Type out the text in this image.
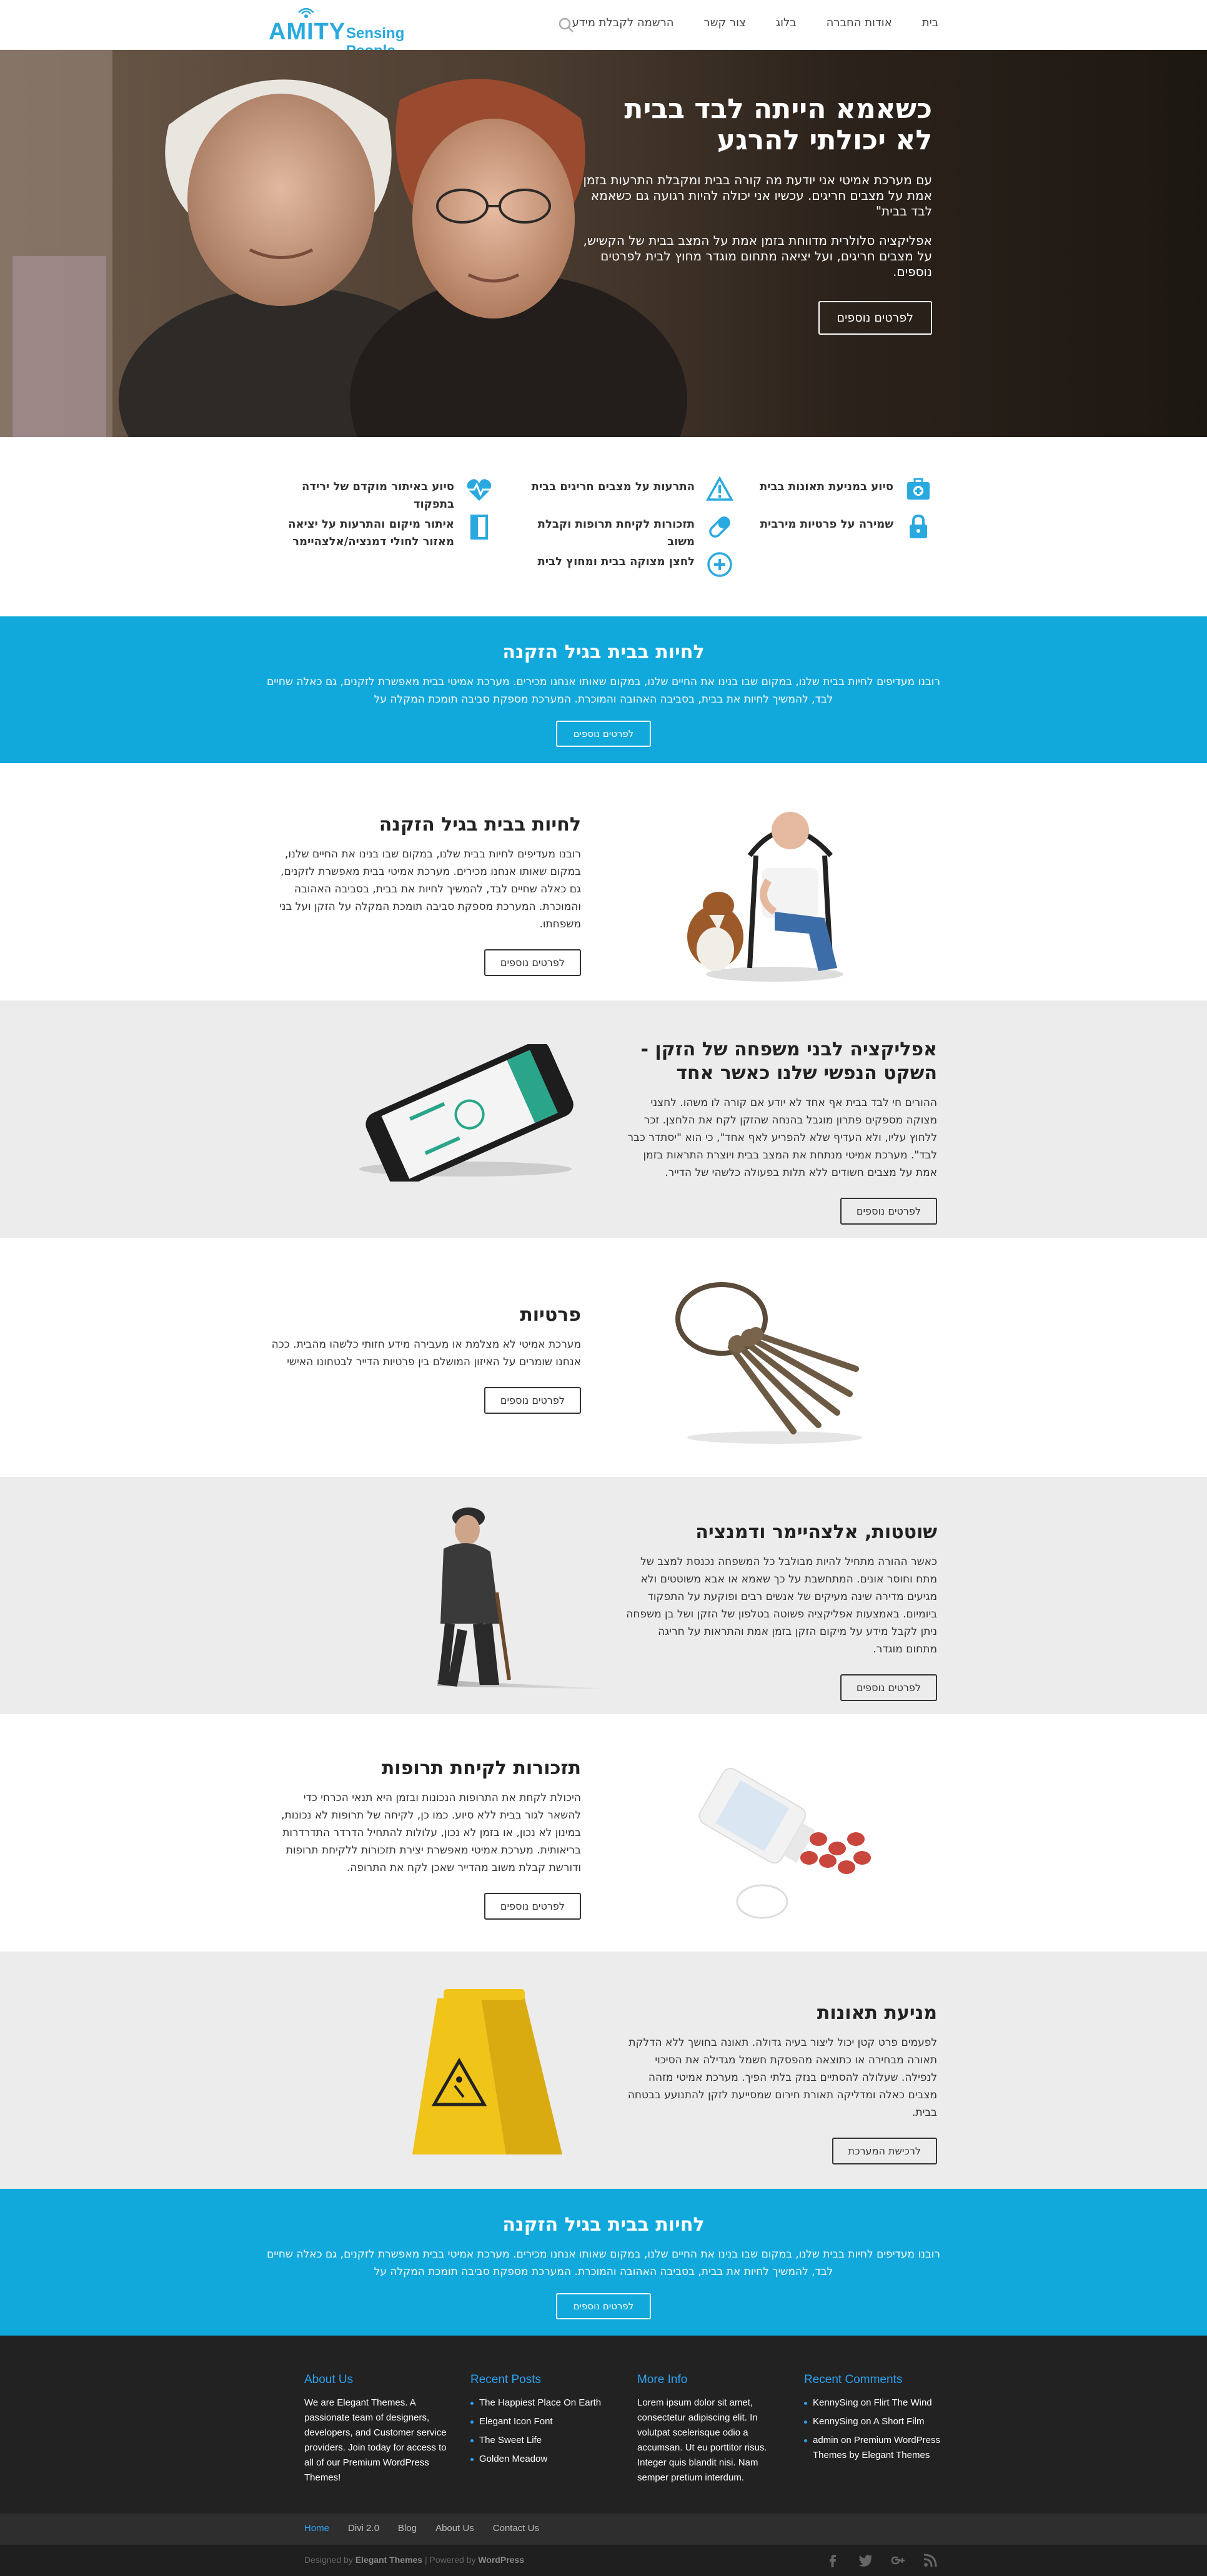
AMITY Sensing
בית
אודות החברה
בלוג
צור קשר
הרשמה לקבלת מידע
כשאמא הייתה לבד בבית לא יכולתי להרגע

עם מערכת אמיטי אני יודעת מה קורה בבית ומקבלת התרעות בזמן אמת על מצבים חריגים. עכשיו אני יכולה להיות רגועה גם כשאמא לבד בבית"

אפליקציה סלולרית מדווחת בזמן אמת על המצב בבית של הקשיש, על מצבים חריגים, ועל יציאה מתחום מוגדר מחוץ לבית לפרטים נוספים.

לפרטים נוספים
סיוע במניעת תאונות בבית
התרעות על מצבים חריגים בבית
סיוע באיתור מוקדם של ירידה בתפקוד
שמירה על פרטיות מירבית
תזכורות לקיחת תרופות וקבלת משוב
איתור מיקום והתרעות על יציאה מאזור לחולי דמנציה/אלצהיימר
לחצן מצוקה בבית ומחוץ לבית
לחיות בבית בגיל הזקנה

רובנו מעדיפים לחיות בבית שלנו, במקום שבו בנינו את החיים שלנו, במקום שאותו אנחנו מכירים. מערכת אמיטי בבית מאפשרת לזקנים, גם כאלה שחיים לבד, להמשיך לחיות את בבית, בסביבה האהובה והמוכרת. המערכת מספקת סביבה תומכת המקלה על

לפרטים נוספים
לחיות בבית בגיל הזקנה

רובנו מעדיפים לחיות בבית שלנו, במקום שבו בנינו את החיים שלנו, במקום שאותו אנחנו מכירים. מערכת אמיטי בבית מאפשרת לזקנים, גם כאלה שחיים לבד, להמשיך לחיות את בבית, בסביבה האהובה והמוכרת. המערכת מספקת סביבה תומכת המקלה על הזקן ועל בני משפחתו.

לפרטים נוספים
אפליקציה לבני משפחה של הזקן - השקט הנפשי שלנו כאשר אחד

ההורים חי לבד בבית אף אחד לא יודע אם קורה לו משהו. לחצני מצוקה מספקים פתרון מוגבל בהנחה שהזקן לקח את הלחצן. זכר ללחוץ עליו, ולא העדיף שלא להפריע לאף אחד", כי הוא "יסתדר כבר לבד". מערכת אמיטי מנתחת את המצב בבית ויוצרת התראות בזמן אמת על מצבים חשודים ללא תלות בפעולה כלשהי של הדייר.

לפרטים נוספים
פרטיות

מערכת אמיטי לא מצלמת או מעבירה מידע חזותי כלשהו מהבית. ככה אנחנו שומרים על האיזון המושלם בין פרטיות הדייר לבטחונו האישי

לפרטים נוספים
שוטטות, אלצהיימר ודמנציה

כאשר ההורה מתחיל להיות מבולבל כל המשפחה נכנסת למצב של מתח וחוסר אונים. המתחשבת על כך שאמא או אבא משוטטים ולא מגיעים מדירה שינה מעיקים של אנשים רבים ופוקעת על התפקוד ביומיום. באמצעות אפליקציה פשוטה בטלפון של הזקן ושל בן משפחה ניתן לקבל מידע על מיקום הזקן בזמן אמת והתראות על חריגה מתחום מוגדר.

לפרטים נוספים
תזכורות לקיחת תרופות

היכולת לקחת את התרופות הנכונות ובזמן היא תנאי הכרחי כדי להשאר לגור בבית ללא סיוע. כמו כן, לקיחה של תרופות לא נכונות, במינון לא נכון, או בזמן לא נכון, עלולות להתחיל הדרדר התדרדרות בריאותית. מערכת אמיטי מאפשרת יצירת תזכורות ללקיחת תרופות ודורשת קבלת משוב מהדייר שאכן לקח את התרופה.

לפרטים נוספים
מניעת תאונות

לפעמים פרט קטן יכול ליצור בעיה גדולה. תאונה בחושך ללא הדלקת תאורה מבחירה או כתוצאה מהפסקת חשמל מגדילה את הסיכוי לנפילה. שעלולה להסתיים בנזק בלתי הפיך. מערכת אמיטי מזהה מצבים כאלה ומדליקה תאורת חירום שמסייעת לזקן להתנועע בבטחה בבית.

לרכישת המערכת
לחיות בבית בגיל הזקנה

רובנו מעדיפים לחיות בבית שלנו, במקום שבו בנינו את החיים שלנו, במקום שאותו אנחנו מכירים. מערכת אמיטי בבית מאפשרת לזקנים, גם כאלה שחיים לבד, להמשיך לחיות את בבית, בסביבה האהובה והמוכרת. המערכת מספקת סביבה תומכת המקלה על

לפרטים נוספים
About Us

We are Elegant Themes. A passionate team of designers, developers, and Customer service providers. Join today for access to all of our Premium WordPress Themes!

Recent Posts
The Happiest Place On Earth
Elegant Icon Font
The Sweet Life
Golden Meadow
More Info

Lorem ipsum dolor sit amet, consectetur adipiscing elit. In volutpat scelerisque odio a accumsan. Ut eu porttitor risus. Integer quis blandit nisi. Nam semper pretium interdum.

Recent Comments
KennySing on Flirt The Wind
KennySing on A Short Film
admin on Premium WordPress Themes by Elegant Themes
Home Divi 2.0 Blog About Us Contact Us
Designed by Elegant Themes | Powered by WordPress
